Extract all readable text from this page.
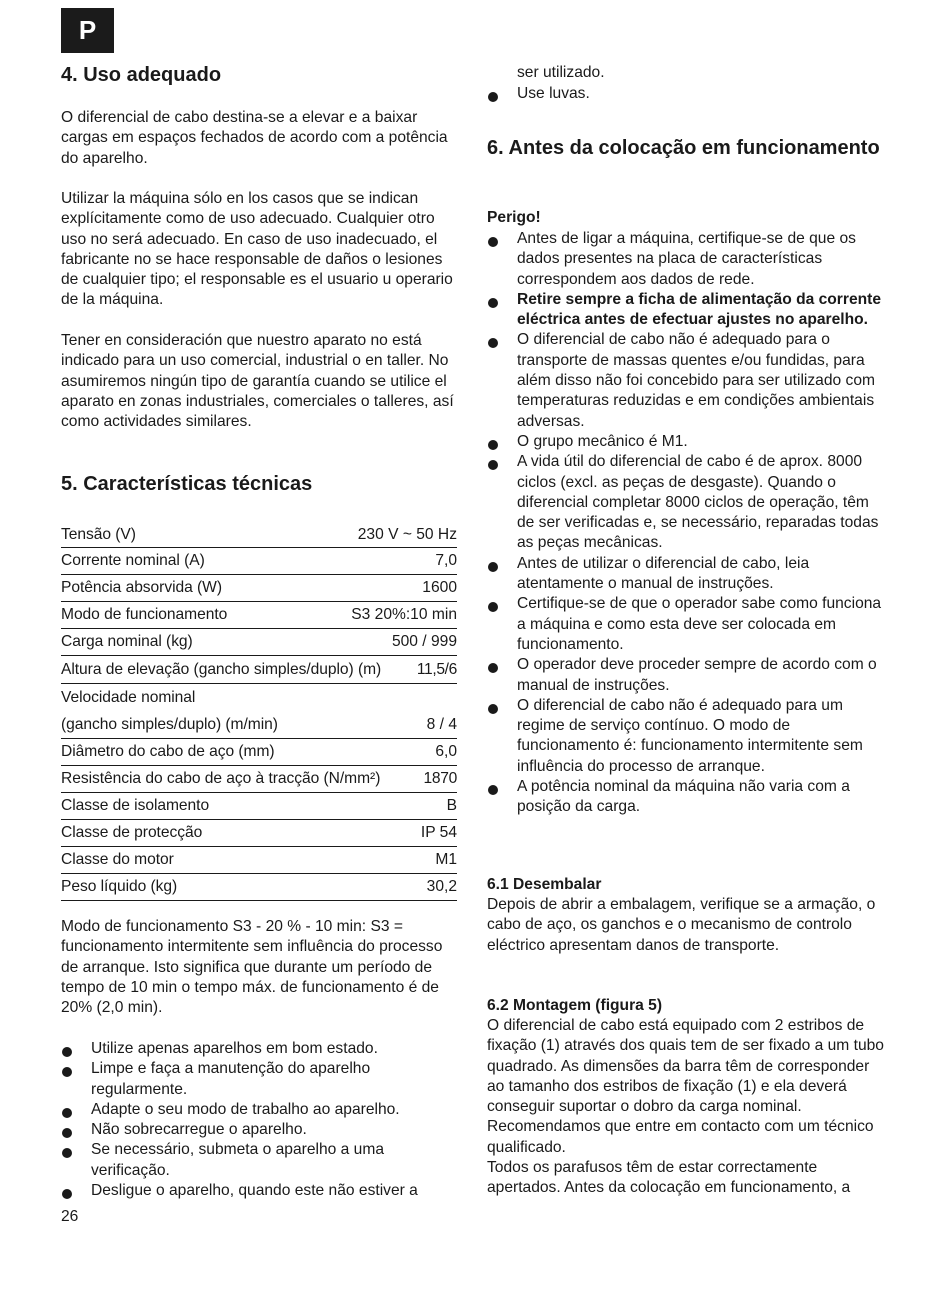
P
4. Uso adequado

O diferencial de cabo destina-se a elevar e a baixar cargas em espaços fechados de acordo com a potência do aparelho.

Utilizar la máquina sólo en los casos que se indican explícitamente como de uso adecuado. Cualquier otro uso no será adecuado. En caso de uso inadecuado, el fabricante no se hace responsable de daños o lesiones de cualquier tipo; el responsable es el usuario u operario de la máquina.

Tener en consideración que nuestro aparato no está indicado para un uso comercial, industrial o en taller. No asumiremos ningún tipo de garantía cuando se utilice el aparato en zonas industriales, comerciales o talleres, así como actividades similares.

5. Características técnicas
Tensão (V)	230 V ~ 50 Hz
Corrente nominal (A)	7,0
Potência absorvida (W)	1600
Modo de funcionamento	S3 20%:10 min
Carga nominal (kg)	500 / 999
Altura de elevação (gancho simples/duplo) (m) 11,5/6
Velocidade nominal
(gancho simples/duplo) (m/min)	8 / 4
Diâmetro do cabo de aço (mm)	6,0
Resistência do cabo de aço à tracção (N/mm²)	1870
Classe de isolamento	B
Classe de protecção	IP 54
Classe do motor	M1
Peso líquido (kg)	30,2

Modo de funcionamento S3 - 20 % - 10 min: S3 = funcionamento intermitente sem influência do processo de arranque. Isto significa que durante um período de tempo de 10 min o tempo máx. de funcionamento é de 20% (2,0 min).

Utilize apenas aparelhos em bom estado.
Limpe e faça a manutenção do aparelho regularmente.
Adapte o seu modo de trabalho ao aparelho.
Não sobrecarregue o aparelho.
Se necessário, submeta o aparelho a uma verificação.
Desligue o aparelho, quando este não estiver a
26

ser utilizado.

Use luvas.
6. Antes da colocação em funcionamento
Perigo!
Antes de ligar a máquina, certifique-se de que os dados presentes na placa de características correspondem aos dados de rede.
Retire sempre a ficha de alimentação da corrente eléctrica antes de efectuar ajustes no aparelho.
O diferencial de cabo não é adequado para o transporte de massas quentes e/ou fundidas, para além disso não foi concebido para ser utilizado com temperaturas reduzidas e em condições ambientais adversas.
O grupo mecânico é M1.
A vida útil do diferencial de cabo é de aprox. 8000 ciclos (excl. as peças de desgaste). Quando o diferencial completar 8000 ciclos de operação, têm de ser verificadas e, se necessário, reparadas todas as peças mecânicas.
Antes de utilizar o diferencial de cabo, leia atentamente o manual de instruções.
Certifique-se de que o operador sabe como funciona a máquina e como esta deve ser colocada em funcionamento.
O operador deve proceder sempre de acordo com o manual de instruções.
O diferencial de cabo não é adequado para um regime de serviço contínuo. O modo de funcionamento é: funcionamento intermitente sem influência do processo de arranque.
A potência nominal da máquina não varia com a posição da carga.
6.1 Desembalar

Depois de abrir a embalagem, verifique se a armação, o cabo de aço, os ganchos e o mecanismo de controlo eléctrico apresentam danos de transporte.

6.2 Montagem (figura 5)

O diferencial de cabo está equipado com 2 estribos de fixação (1) através dos quais tem de ser fixado a um tubo quadrado. As dimensões da barra têm de corresponder ao tamanho dos estribos de fixação (1) e ela deverá conseguir suportar o dobro da carga nominal. Recomendamos que entre em contacto com um técnico qualificado.

Todos os parafusos têm de estar correctamente apertados. Antes da colocação em funcionamento, a
